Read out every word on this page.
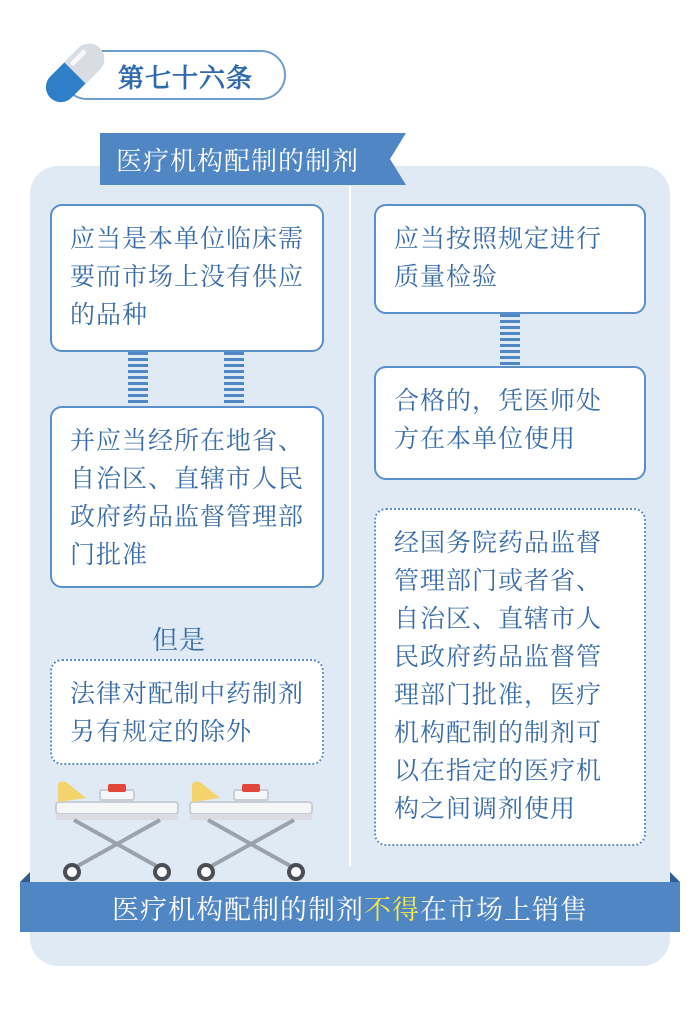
第七十六条
医疗机构配制的制剂
应当是本单位临床需要而市场上没有供应的品种
并应当经所在地省、自治区、直辖市人民政府药品监督管理部门批准
但是
法律对配制中药制剂另有规定的除外
应当按照规定进行质量检验
合格的，凭医师处方在本单位使用
经国务院药品监督管理部门或者省、自治区、直辖市人民政府药品监督管理部门批准，医疗机构配制的制剂可以在指定的医疗机构之间调剂使用
医疗机构配制的制剂 不得 在市场上销售
